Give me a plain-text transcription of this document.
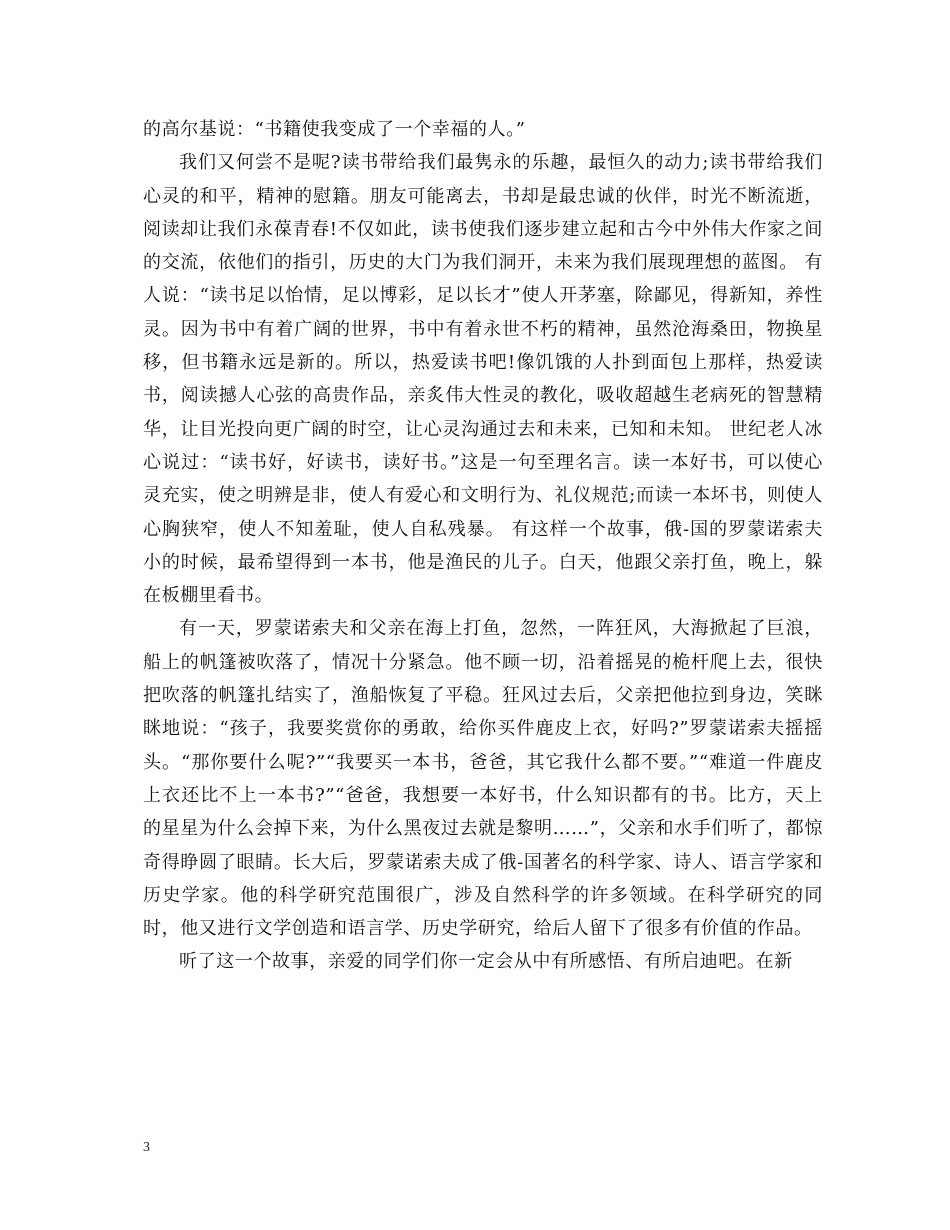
的高尔基说：“书籍使我变成了一个幸福的人。”

我们又何尝不是呢?读书带给我们最隽永的乐趣，最恒久的动力;读书带给我们心灵的和平，精神的慰籍。朋友可能离去，书却是最忠诚的伙伴，时光不断流逝，阅读却让我们永葆青春!不仅如此，读书使我们逐步建立起和古今中外伟大作家之间的交流，依他们的指引，历史的大门为我们洞开，未来为我们展现理想的蓝图。 有人说：“读书足以怡情，足以博彩，足以长才”使人开茅塞，除鄙见，得新知，养性灵。因为书中有着广阔的世界，书中有着永世不朽的精神，虽然沧海桑田，物换星移，但书籍永远是新的。所以，热爱读书吧!像饥饿的人扑到面包上那样，热爱读书，阅读撼人心弦的高贵作品，亲炙伟大性灵的教化，吸收超越生老病死的智慧精华，让目光投向更广阔的时空，让心灵沟通过去和未来，已知和未知。 世纪老人冰心说过：“读书好，好读书，读好书。”这是一句至理名言。读一本好书，可以使心灵充实，使之明辨是非，使人有爱心和文明行为、礼仪规范;而读一本坏书，则使人心胸狭窄，使人不知羞耻，使人自私残暴。 有这样一个故事，俄-国的罗蒙诺索夫小的时候，最希望得到一本书，他是渔民的儿子。白天，他跟父亲打鱼，晚上，躲在板棚里看书。

有一天，罗蒙诺索夫和父亲在海上打鱼，忽然，一阵狂风，大海掀起了巨浪，船上的帆篷被吹落了，情况十分紧急。他不顾一切，沿着摇晃的桅杆爬上去，很快把吹落的帆篷扎结实了，渔船恢复了平稳。狂风过去后，父亲把他拉到身边，笑眯眯地说：“孩子，我要奖赏你的勇敢，给你买件鹿皮上衣，好吗?”罗蒙诺索夫摇摇头。“那你要什么呢?”“我要买一本书，爸爸，其它我什么都不要。”“难道一件鹿皮上衣还比不上一本书?”“爸爸，我想要一本好书，什么知识都有的书。比方，天上的星星为什么会掉下来，为什么黑夜过去就是黎明……”，父亲和水手们听了，都惊奇得睁圆了眼睛。长大后，罗蒙诺索夫成了俄-国著名的科学家、诗人、语言学家和历史学家。他的科学研究范围很广，涉及自然科学的许多领域。在科学研究的同时，他又进行文学创造和语言学、历史学研究，给后人留下了很多有价值的作品。

听了这一个故事，亲爱的同学们你一定会从中有所感悟、有所启迪吧。在新

3
